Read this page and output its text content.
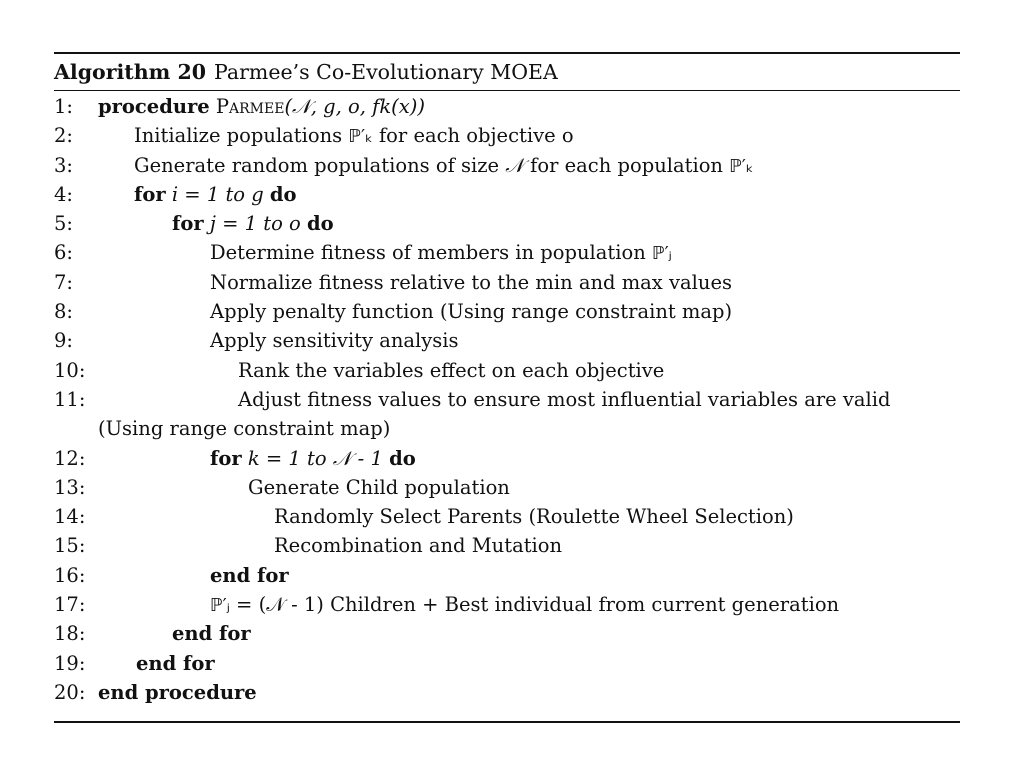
Algorithm 20 Parmee’s Co-Evolutionary MOEA
1:	procedure Parmee(𝒩, g, o, fk(x))
2:	Initialize populations ℙ′ₖ for each objective o
3:	Generate random populations of size 𝒩 for each population ℙ′ₖ
4:	for i = 1 to g do
5:	for j = 1 to o do
6:	Determine fitness of members in population ℙ′ⱼ
7:	Normalize fitness relative to the min and max values
8:	Apply penalty function (Using range constraint map)
9:	Apply sensitivity analysis
10:	Rank the variables effect on each objective
11:	Adjust fitness values to ensure most influential variables are valid
(Using range constraint map)
12:	for k = 1 to 𝒩 - 1 do
13:	Generate Child population
14:	Randomly Select Parents (Roulette Wheel Selection)
15:	Recombination and Mutation
16:	end for
17:	ℙ′ⱼ = (𝒩 - 1) Children + Best individual from current generation
18:	end for
19:	end for
20: end procedure
